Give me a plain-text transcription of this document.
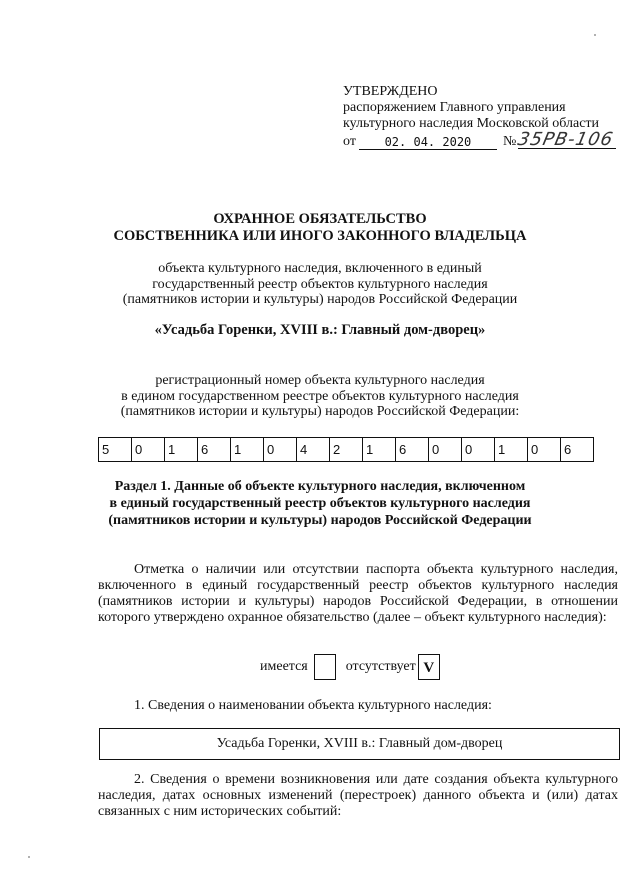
УТВЕРЖДЕНО
распоряжением Главного управления
культурного наследия Московской области
от	02. 04. 2020	№ 35РВ-106
ОХРАННОЕ ОБЯЗАТЕЛЬСТВО
СОБСТВЕННИКА ИЛИ ИНОГО ЗАКОННОГО ВЛАДЕЛЬЦА
объекта культурного наследия, включенного в единый
государственный реестр объектов культурного наследия
(памятников истории и культуры) народов Российской Федерации
«Усадьба Горенки, XVIII в.: Главный дом-дворец»
регистрационный номер объекта культурного наследия
в едином государственном реестре объектов культурного наследия
(памятников истории и культуры) народов Российской Федерации:
5	0	1	6	1	0	4	2	1	6	0	0	1	0	6
Раздел 1. Данные об объекте культурного наследия, включенном
в единый государственный реестр объектов культурного наследия
(памятников истории и культуры) народов Российской Федерации
Отметка о наличии или отсутствии паспорта объекта культурного наследия, включенного в единый государственный реестр объектов культурного наследия (памятников истории и культуры) народов Российской Федерации, в отношении которого утверждено охранное обязательство (далее – объект культурного наследия):
имеется	отсутствует V
1. Сведения о наименовании объекта культурного наследия:
Усадьба Горенки, XVIII в.: Главный дом-дворец
2. Сведения о времени возникновения или дате создания объекта культурного наследия, датах основных изменений (перестроек) данного объекта и (или) датах связанных с ним исторических событий:
